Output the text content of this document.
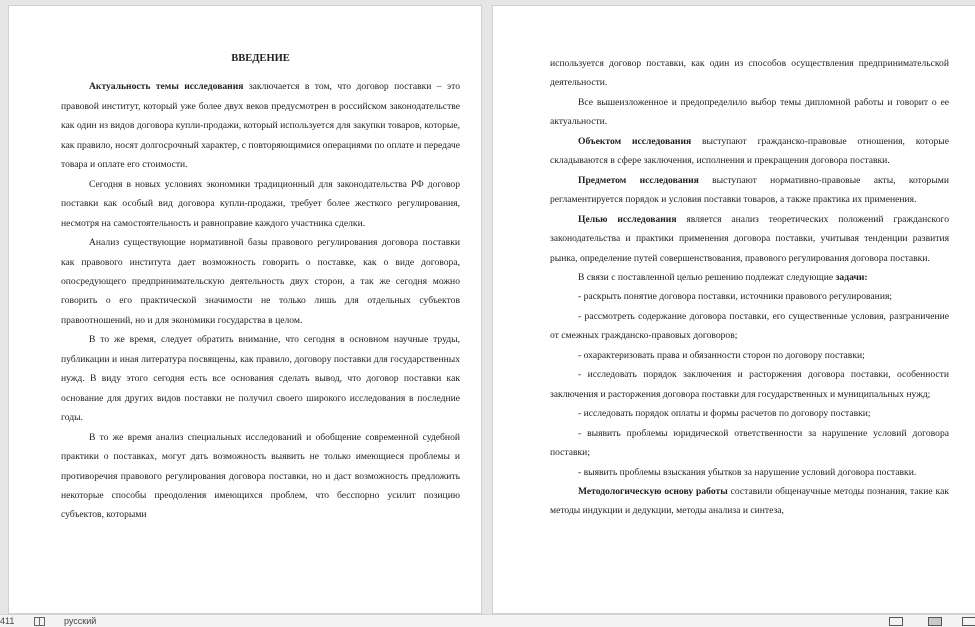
ВВЕДЕНИЕ

Актуальность темы исследования заключается в том, что договор поставки – это правовой институт, который уже более двух веков предусмотрен в российском законодательстве как один из видов договора купли-продажи, который используется для закупки товаров, которые, как правило, носят долгосрочный характер, с повторяющимися операциями по оплате и передаче товара и оплате его стоимости.

Сегодня в новых условиях экономики традиционный для законодательства РФ договор поставки как особый вид договора купли-продажи, требует более жесткого регулирования, несмотря на самостоятельность и равноправие каждого участника сделки.

Анализ существующие нормативной базы правового регулирования договора поставки как правового института дает возможность говорить о поставке, как о виде договора, опосредующего предпринимательскую деятельность двух сторон, а так же сегодня можно говорить о его практической значимости не только лишь для отдельных субъектов правоотношений, но и для экономики государства в целом.

В то же время, следует обратить внимание, что сегодня в основном научные труды, публикации и иная литература посвящены, как правило, договору поставки для государственных нужд. В виду этого сегодня есть все основания сделать вывод, что договор поставки как основание для других видов поставки не получил своего широкого исследования в последние годы.

В то же время анализ специальных исследований и обобщение современной судебной практики о поставках, могут дать возможность выявить не только имеющиеся проблемы и противоречия правового регулирования договора поставки, но и даст возможность предложить некоторые способы преодоления имеющихся проблем, что бесспорно усилит позицию субъектов, которыми

используется договор поставки, как один из способов осуществления предпринимательской деятельности.

Все вышеизложенное и предопределило выбор темы дипломной работы и говорит о ее актуальности.

Объектом исследования выступают гражданско-правовые отношения, которые складываются в сфере заключения, исполнения и прекращения договора поставки.

Предметом исследования выступают нормативно-правовые акты, которыми регламентируется порядок и условия поставки товаров, а также практика их применения.

Целью исследования является анализ теоретических положений гражданского законодательства и практики применения договора поставки, учитывая тенденции развития рынка, определение путей совершенствования, правового регулирования договора поставки.

В связи с поставленной целью решению подлежат следующие задачи:

- раскрыть понятие договора поставки, источники правового регулирования;

- рассмотреть содержание договора поставки, его существенные условия, разграничение от смежных гражданско-правовых договоров;

- охарактеризовать права и обязанности сторон по договору поставки;

- исследовать порядок заключения и расторжения договора поставки, особенности заключения и расторжения договора поставки для государственных и муниципальных нужд;

- исследовать порядок оплаты и формы расчетов по договору поставки;

- выявить проблемы юридической ответственности за нарушение условий договора поставки;

- выявить проблемы взыскания убытков за нарушение условий договора поставки.

Методологическую основу работы составили общенаучные методы познания, такие как методы индукции и дедукции, методы анализа и синтеза,

411	русский
